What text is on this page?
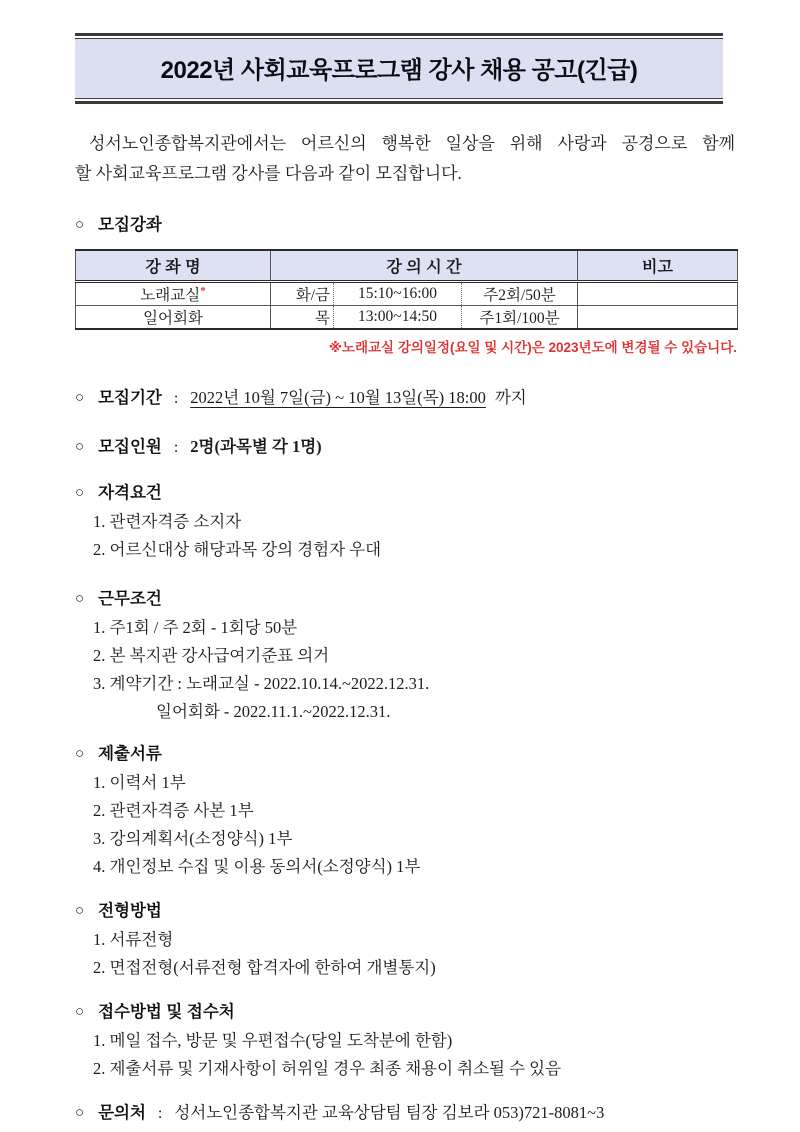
2022년 사회교육프로그램 강사 채용 공고(긴급)

성서노인종합복지관에서는 어르신의 행복한 일상을 위해 사랑과 공경으로 함께
할 사회교육프로그램 강사를 다음과 같이 모집합니다.

○ 모집강좌
강 좌 명	강 의 시 간			비고
노래교실*	화/금	15:10~16:00	주2회/50분	
일어회화	목	13:00~14:50	주1회/100분	
※노래교실 강의일정(요일 및 시간)은 2023년도에 변경될 수 있습니다.
○ 모집기간 : 2022년 10월 7일(금) ~ 10월 13일(목) 18:00 까지
○ 모집인원 : 2명(과목별 각 1명)
○ 자격요건
1. 관련자격증 소지자
2. 어르신대상 해당과목 강의 경험자 우대
○ 근무조건
1. 주1회 / 주 2회 - 1회당 50분
2. 본 복지관 강사급여기준표 의거
3. 계약기간 : 노래교실 - 2022.10.14.~2022.12.31.
일어회화 - 2022.11.1.~2022.12.31.
○ 제출서류
1. 이력서 1부
2. 관련자격증 사본 1부
3. 강의계획서(소정양식) 1부
4. 개인정보 수집 및 이용 동의서(소정양식) 1부
○ 전형방법
1. 서류전형
2. 면접전형(서류전형 합격자에 한하여 개별통지)
○ 접수방법 및 접수처
1. 메일 접수, 방문 및 우편접수(당일 도착분에 한함)
2. 제출서류 및 기재사항이 허위일 경우 최종 채용이 취소될 수 있음
○ 문의처 : 성서노인종합복지관 교육상담팀 팀장 김보라 053)721-8081~3
